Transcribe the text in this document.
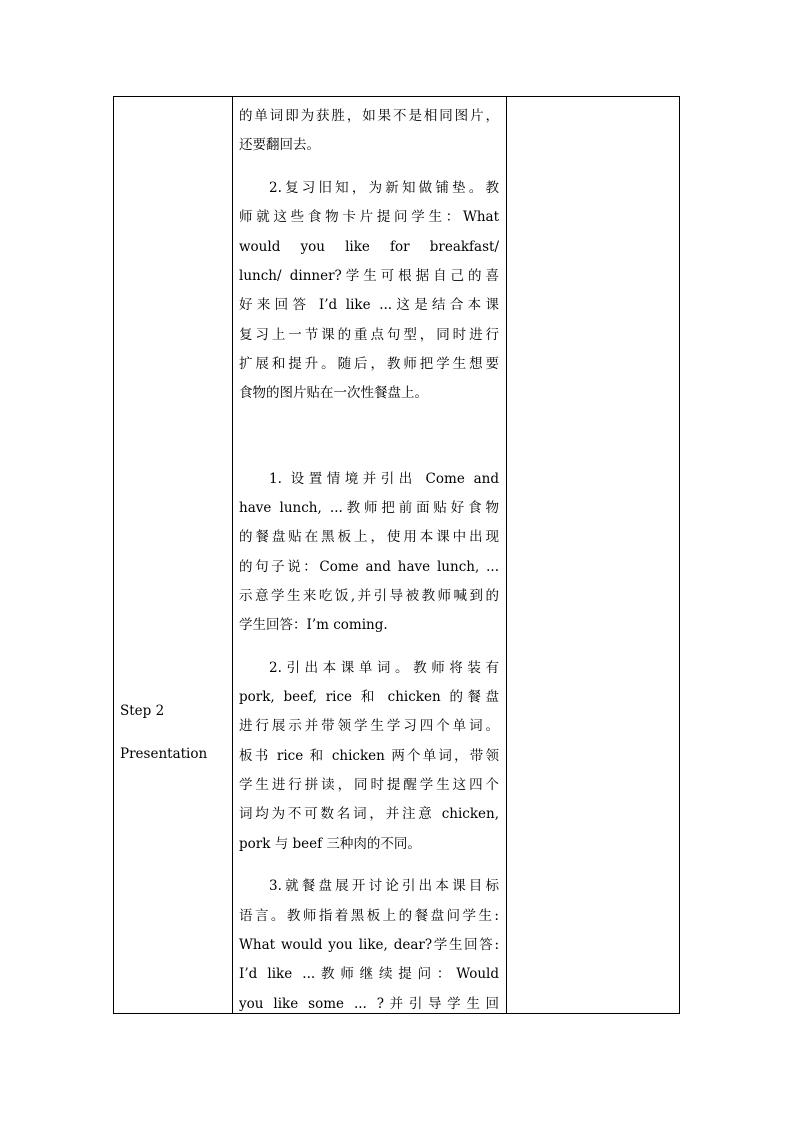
Step 2
Presentation
的单词即为获胜，如果不是相同图片，
还要翻回去。
2.复习旧知，为新知做铺垫。教
师就这些食物卡片提问学生：What
would you like for breakfast/
lunch/ dinner?学生可根据自己的喜
好来回答 I’d like ...这是结合本课
复习上一节课的重点句型，同时进行
扩展和提升。随后，教师把学生想要
食物的图片贴在一次性餐盘上。
1. 设置情境并引出 Come and
have lunch, ...教师把前面贴好食物
的餐盘贴在黑板上，使用本课中出现
的句子说：Come and have lunch, ...
示意学生来吃饭,并引导被教师喊到的
学生回答：I’m coming.
2.引出本课单词。教师将装有
pork, beef, rice 和 chicken 的餐盘
进行展示并带领学生学习四个单词。
板书 rice 和 chicken 两个单词，带领
学生进行拼读，同时提醒学生这四个
词均为不可数名词，并注意 chicken,
pork 与 beef 三种肉的不同。
3.就餐盘展开讨论引出本课目标
语言。教师指着黑板上的餐盘问学生:
What would you like, dear?学生回答:
I’d like ...教师继续提问：Would
you like some ... ?并引导学生回
